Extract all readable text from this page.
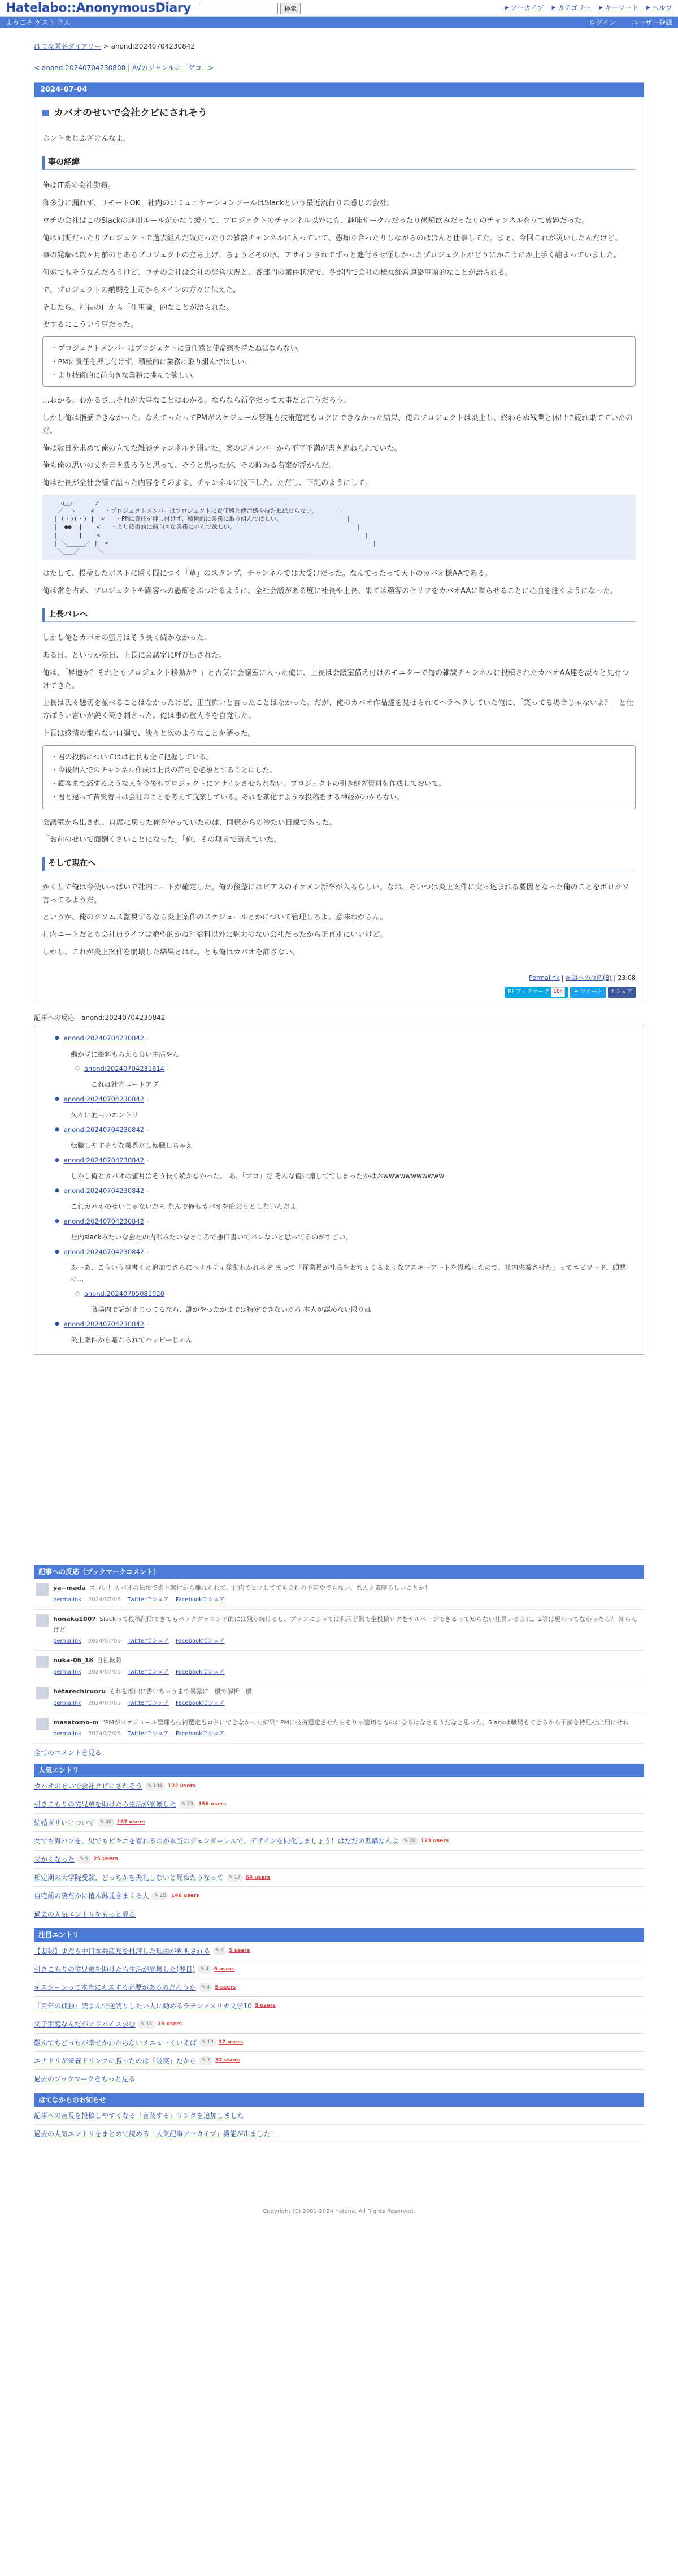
Hatelabo::AnonymousDiary	検索	▶ アーカイブ ▶ カテゴリー ▶ キーワード ▶ ヘルプ
ようこそ ゲスト さん	ログイン ユーザー登録
はてな匿名ダイアリー > anond:20240704230842
< anond:20240704230808 | AVのジャンルに「ゲロ...>
2024-07-04
カバオのせいで会社クビにされそう

ホントまじふざけんなよ。

事の経緯

俺はIT系の会社勤務。

御多分に漏れず、リモートOK。社内のコミュニケーションツールはSlackという最近流行りの感じの会社。

ウチの会社はこのSlackの運用ルールがかなり緩くて、プロジェクトのチャンネル以外にも、趣味サークルだったり愚痴飲みだったりのチャンネルを立て放題だった。

俺は同期だったりプロジェクトで過去組んだ奴だったりの雑談チャンネルに入っていて、愚痴り合ったりしながらのほほんと仕事してた。まぁ、今回これが災いしたんだけど。

事の発端は数ヶ月前のとあるプロジェクトの立ち上げ。ちょうどその頃、アサインされてずっと進行させ怪しかったプロジェクトがどうにかこうにか上手く纏まっていました。

何処でもそうなんだろうけど、ウチの会社は会社の経営状況と、各部門の案件状況で、各部門で会社の様な経営連絡事項的なことが語られる。

で、プロジェクトの納期を上司からメインの方々に伝えた。

そしたら、社長の口から「仕事論」的なことが語られた。

要するにこういう事だった。

・プロジェクトメンバーはプロジェクトに責任感と使命感を持たねばならない。
・PMに責任を押し付けず、積極的に業務に取り組んではしい。
・より技術的に前向きな業務に挑んで欲しい。

…わかる。わかるさ…それが大事なことはわかる。ならなら新卒だって大事だと言うだろう。

しかし俺は指摘できなかった。なんてったってPMがスケジュール管理も技術選定もロクにできなかった結果、俺のプロジェクトは炎上し、終わらぬ残業と休出で疲れ果てていたのだ。

俺は数日を求めて俺の立てた雑談チャンネルを開いた。案の定メンバーから不平不満が書き連ねられていた。

俺も俺の思いの丈を書き殴ろうと思って、そうと思ったが、その時ある名案が浮かんだ。

俺は社長が全社会議で語った内容をそのまま、チャンネルに投下した。ただし、下記のようにして。

∩＿∩      /￣￣￣￣￣￣￣￣￣￣￣￣￣￣￣￣￣￣￣￣￣￣￣￣￣￣￣￣￣￣￣￣
／  ヽ    <   ・プロジェクトメンバーはプロジェクトに責任感と使命感を持たねばならない。      |
| (・)(・) |  <   ・PMに責任を押し付けず、積極的に業務に取り組んではしい。                  |
|  ●●  |    <   ・より技術的に前向きな業務に挑んで欲しい。                                  |
|  ─   |    <                                                                          |
| ＼_____／ |  <                                                                          |
＼___／     ＼＿＿＿＿＿＿＿＿＿＿＿＿＿＿＿＿＿＿＿＿＿＿＿＿＿＿＿＿＿＿＿＿＿＿＿

はたして、投稿したボストに瞬く間につく「草」のスタンプ。チャンネルでは大受けだった。なんてったって天下のカバオ様AAである。

俺は常を占め、プロジェクトや顧客への愚痴をぶつけるように、全社会議がある度に社長や上長、果ては顧客のセリフをカバオAAに喋らせることに心血を注ぐようになった。

上長バレへ

しかし俺とカバオの蜜月はそう長く続かなかった。

ある日、というか先日、上長に会議室に呼び出された。

俺は、「昇進か？それともプロジェクト移動か？」と否気に会議室に入った俺に、上長は会議室備え付けのモニターで俺の雑談チャンネルに投稿されたカバオAA達を淡々と見せつけてきた。

上長は氏々懸切を並べることはなかったけど、正直怖いと言ったことはなかった。だが、俺のカバオ作品達を見せられてヘラヘラしていた俺に、「笑ってる場合じゃないよ？」と仕方ぽうい言いが鋭く突き刺さった。俺は事の重大さを自覚した。

上長は感情の籠らない口調で、淡々と次のようなことを語った。

・君の投稿についてはは社長も全て把握している。
・今後個人でのチャンネル作成は上長の許可を必須とすることにした。
・顧客まで怒するような人を今後もプロジェクトにアサインさせられない。プロジェクトの引き継ぎ資料を作成しておいて。
・君と違って苗奨着目は会社のことを考えて就業している。それを茶化すような投稿をする神経がわからない。

会議室から出され、自席に戻った俺を待っていたのは、同僚からの冷たい目線であった。

「お前のせいで面倒くさいことになった」「俺、その無言で訴えていた。

そして現在へ

かくして俺は今使いっぱいで社内ニートが確定した。俺の後釜にはビアスのイケメン新卒が入るらしい。なお、そいつは炎上案件に突っ込まれる要因となった俺のことをボロクソ言ってるようだ。

というか、俺のクソムス監視するなら炎上案件のスケジュールとかについて管理しろよ。意味わからん。

社内ニートだとも会社員ライフは絶望的かね？給料以外に魅力のない会社だったから正直別にいいけど。

しかし、これが炎上案件を崩壊した結果とはね。とも俺はカバオを許さない。

Permalink | 記事への反応(8) | 23:08
B! ブックマーク 104	✦ ツイート	f シェア
記事への反応 - anond:20240704230842
● anond:20240704230842 -
働かずに給料もらえる良い生活やん
○ anond:20240704231614 -
これは社内ニートアプ
● anond:20240704230842 -
久々に面白いエントリ
● anond:20240704230842 -
転職しやすそうな業界だし転職しちゃえ
● anond:20240704230842 -
しかし俺とカバオの蜜月はそう長く続かなかった。 あ、「プロ」だ そんな俺に煽しててしまったかぱおwwwwwwwwwww
● anond:20240704230842 -
これカバオのせいじゃないだろ なんで俺もカバオを庇おうとしないんだよ
● anond:20240704230842 -
社内slackみたいな会社の内部みたいなところで悪口書いてバレないと思ってるのがすごい。
● anond:20240704230842 -
あーあ、こういう事書くと追加でさらにペナルティ発動わかれるぞ まって「従業員が社長をおちょくるようなアスキーアートを投稿したので、社内失業させた」ってエピソード、頭悪に...
○ anond:20240705081020 -
職場内で話が止まってるなら、誰がやったかまでは特定できないだろ 本人が認めない限りは
● anond:20240704230842 -
炎上案件から離れられてハッピーじゃん
記事への反応（ブックマークコメント）
ya--mada スゴい！カバオの伝説で炎上案件から離れられて、社内でヒマしてても会社の予定やでもない、なんと素晴らしいことか！
permalink 2024/07/05 Twitterでシェア Facebookでシェア
honaka1007 Slackって投稿削除できてもバックグラウンド的には残り続けるし、プランによっては利用者側で全投稿ログをサルベージできるって知らない社員いるよね。2等は更わってなかったら？ 知らんけど
permalink 2024/07/05 Twitterでシェア Facebookでシェア
nuka-06_18 自社転職
permalink 2024/07/05 Twitterでシェア Facebookでシェア
hetarechiruoru それを増田に書いちゃうまで暴露に一般で解析一般
permalink 2024/07/05 Twitterでシェア Facebookでシェア
masatomo-m "PMがスケジュール管理も技術選定もロクにできなかった結果" PMに技術選定させたらそりゃ適切なものになるはなさそうだなと思った。Slackは職場もてきるから不満を持見せ出用にせね
permalink 2024/07/05 Twitterでシェア Facebookでシェア
全てのコメントを見る
人気エントリ
カバオのせいで会社クビにされそう ✎ 104 122 users
引きこもりの従兄弟を助けたら生活が崩壊した ✎ 23 156 users
結婚ダサいについて ✎ 48 187 users
女でも海パンを、男でもビキニを着れるのが本当のジェンダーレスで、デザインを同化しましょう！はだだの欺瞞なんよ ✎ 28 123 users
父がくなった ✎ 9 25 users
相定期の大学院受験、どっちかを失礼しないと死ぬたうなって ✎ 17 64 users
自宅前の凄だかに植木鉢並きまくる人 ✎ 25 146 users
過去の人気エントリをもっと見る
注目エントリ
【悲報】まだも中日本共産党を批評した理由が判明される ✎ 4 5 users
引きこもりの従兄弟を助けたら生活が崩壊した(翌日) ✎ 4 9 users
キスシーンって本当にキスする必要があるのだろうか ✎ 4 5 users
「百年の孤独」読まんで逆読りしたい人に勧めるラテンアメリカ文学10 5 users
父子家庭なんだがアドバイス求む ✎ 14 25 users
難んでもどっちが幸せかわからないメニューくいえば ✎ 13 37 users
エナドリが栄養ドリンクに勝ったのは「破実」だから ✎ 7 32 users
過去のブックマークをもっと見る
はてなからのお知らせ
記事への言及を投稿しやすくなる「言及する」リンクを追加しました
過去の人気エントリをまとめて読める「人気記事アーカイブ」機能が出ました！
Copyright (C) 2001-2024 hatena. All Rights Reserved.
